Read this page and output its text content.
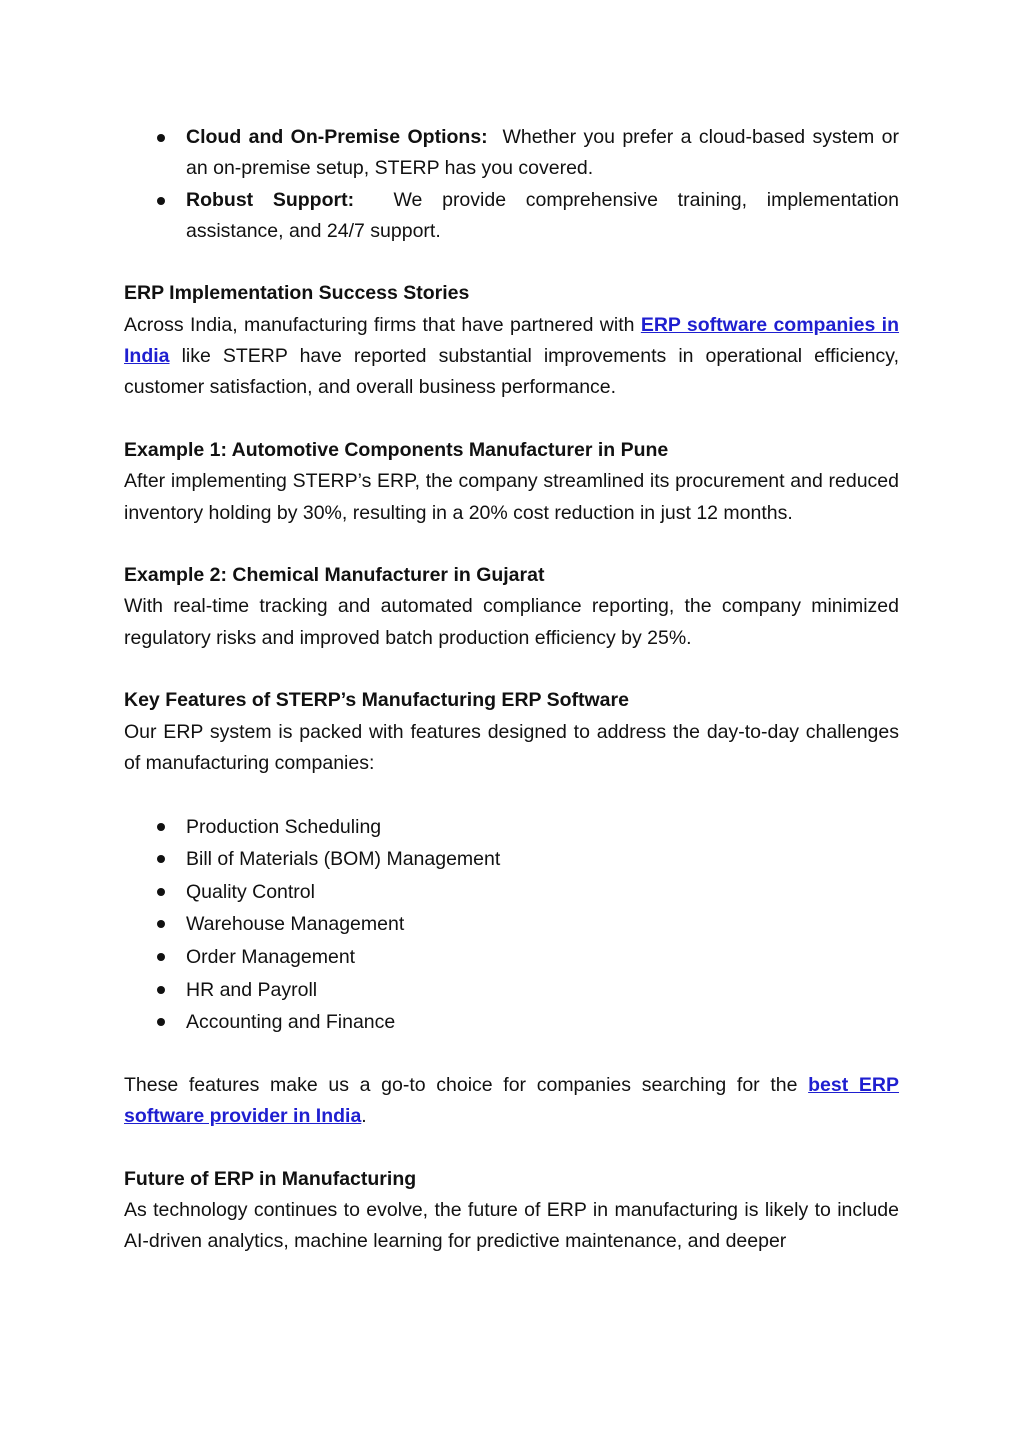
Cloud and On-Premise Options: Whether you prefer a cloud-based system or an on-premise setup, STERP has you covered.
Robust Support: We provide comprehensive training, implementation assistance, and 24/7 support.
ERP Implementation Success Stories
Across India, manufacturing firms that have partnered with ERP software companies in India like STERP have reported substantial improvements in operational efficiency, customer satisfaction, and overall business performance.
Example 1: Automotive Components Manufacturer in Pune
After implementing STERP’s ERP, the company streamlined its procurement and reduced inventory holding by 30%, resulting in a 20% cost reduction in just 12 months.
Example 2: Chemical Manufacturer in Gujarat
With real-time tracking and automated compliance reporting, the company minimized regulatory risks and improved batch production efficiency by 25%.
Key Features of STERP’s Manufacturing ERP Software
Our ERP system is packed with features designed to address the day-to-day challenges of manufacturing companies:
Production Scheduling
Bill of Materials (BOM) Management
Quality Control
Warehouse Management
Order Management
HR and Payroll
Accounting and Finance
These features make us a go-to choice for companies searching for the best ERP software provider in India.
Future of ERP in Manufacturing
As technology continues to evolve, the future of ERP in manufacturing is likely to include AI-driven analytics, machine learning for predictive maintenance, and deeper
